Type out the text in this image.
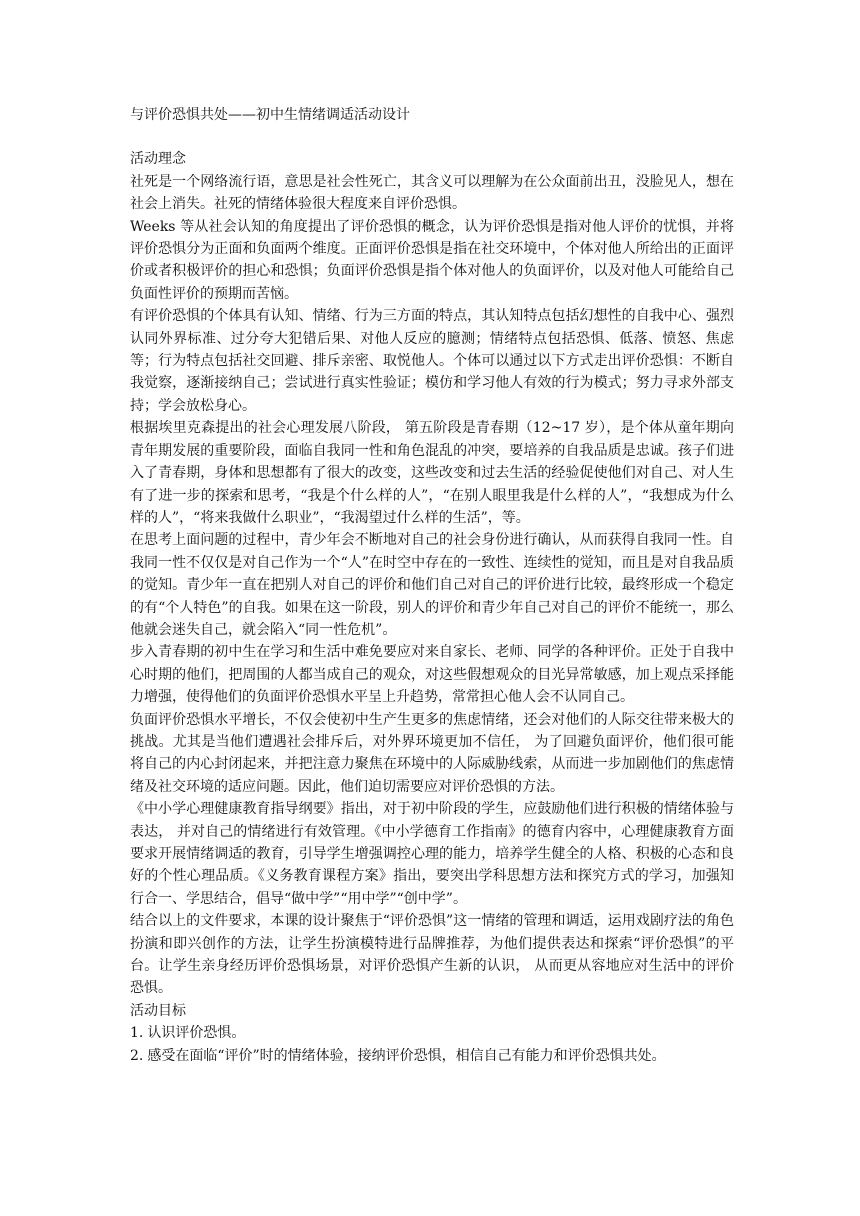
与评价恐惧共处——初中生情绪调适活动设计

活动理念

社死是一个网络流行语，意思是社会性死亡，其含义可以理解为在公众面前出丑，没脸见人，想在社会上消失。社死的情绪体验很大程度来自评价恐惧。

Weeks 等从社会认知的角度提出了评价恐惧的概念，认为评价恐惧是指对他人评价的忧惧，并将评价恐惧分为正面和负面两个维度。正面评价恐惧是指在社交环境中，个体对他人所给出的正面评价或者积极评价的担心和恐惧；负面评价恐惧是指个体对他人的负面评价，以及对他人可能给自己负面性评价的预期而苦恼。

有评价恐惧的个体具有认知、情绪、行为三方面的特点，其认知特点包括幻想性的自我中心、强烈认同外界标准、过分夸大犯错后果、对他人反应的臆测；情绪特点包括恐惧、低落、愤怒、焦虑等；行为特点包括社交回避、排斥亲密、取悦他人。个体可以通过以下方式走出评价恐惧：不断自我觉察，逐渐接纳自己；尝试进行真实性验证；模仿和学习他人有效的行为模式；努力寻求外部支持；学会放松身心。

根据埃里克森提出的社会心理发展八阶段， 第五阶段是青春期（12~17 岁），是个体从童年期向青年期发展的重要阶段，面临自我同一性和角色混乱的冲突，要培养的自我品质是忠诚。孩子们进入了青春期，身体和思想都有了很大的改变，这些改变和过去生活的经验促使他们对自己、对人生有了进一步的探索和思考，“我是个什么样的人”，“在别人眼里我是什么样的人”，“我想成为什么样的人”，“将来我做什么职业”，“我渴望过什么样的生活”，等。

在思考上面问题的过程中，青少年会不断地对自己的社会身份进行确认，从而获得自我同一性。自我同一性不仅仅是对自己作为一个“人”在时空中存在的一致性、连续性的觉知，而且是对自我品质的觉知。青少年一直在把别人对自己的评价和他们自己对自己的评价进行比较，最终形成一个稳定的有“个人特色”的自我。如果在这一阶段，别人的评价和青少年自己对自己的评价不能统一，那么他就会迷失自己，就会陷入“同一性危机”。

步入青春期的初中生在学习和生活中难免要应对来自家长、老师、同学的各种评价。正处于自我中心时期的他们，把周围的人都当成自己的观众，对这些假想观众的目光异常敏感，加上观点采择能力增强，使得他们的负面评价恐惧水平呈上升趋势，常常担心他人会不认同自己。

负面评价恐惧水平增长，不仅会使初中生产生更多的焦虑情绪，还会对他们的人际交往带来极大的挑战。尤其是当他们遭遇社会排斥后，对外界环境更加不信任， 为了回避负面评价，他们很可能将自己的内心封闭起来，并把注意力聚焦在环境中的人际威胁线索，从而进一步加剧他们的焦虑情绪及社交环境的适应问题。因此，他们迫切需要应对评价恐惧的方法。

《中小学心理健康教育指导纲要》指出，对于初中阶段的学生，应鼓励他们进行积极的情绪体验与表达， 并对自己的情绪进行有效管理。《中小学德育工作指南》的德育内容中，心理健康教育方面要求开展情绪调适的教育，引导学生增强调控心理的能力，培养学生健全的人格、积极的心态和良好的个性心理品质。《义务教育课程方案》指出，要突出学科思想方法和探究方式的学习，加强知行合一、学思结合，倡导“做中学”“用中学”“创中学”。

结合以上的文件要求，本课的设计聚焦于“评价恐惧”这一情绪的管理和调适，运用戏剧疗法的角色扮演和即兴创作的方法，让学生扮演模特进行品牌推荐，为他们提供表达和探索“评价恐惧”的平台。让学生亲身经历评价恐惧场景，对评价恐惧产生新的认识， 从而更从容地应对生活中的评价恐惧。

活动目标

1. 认识评价恐惧。
2. 感受在面临“评价”时的情绪体验，接纳评价恐惧，相信自己有能力和评价恐惧共处。
